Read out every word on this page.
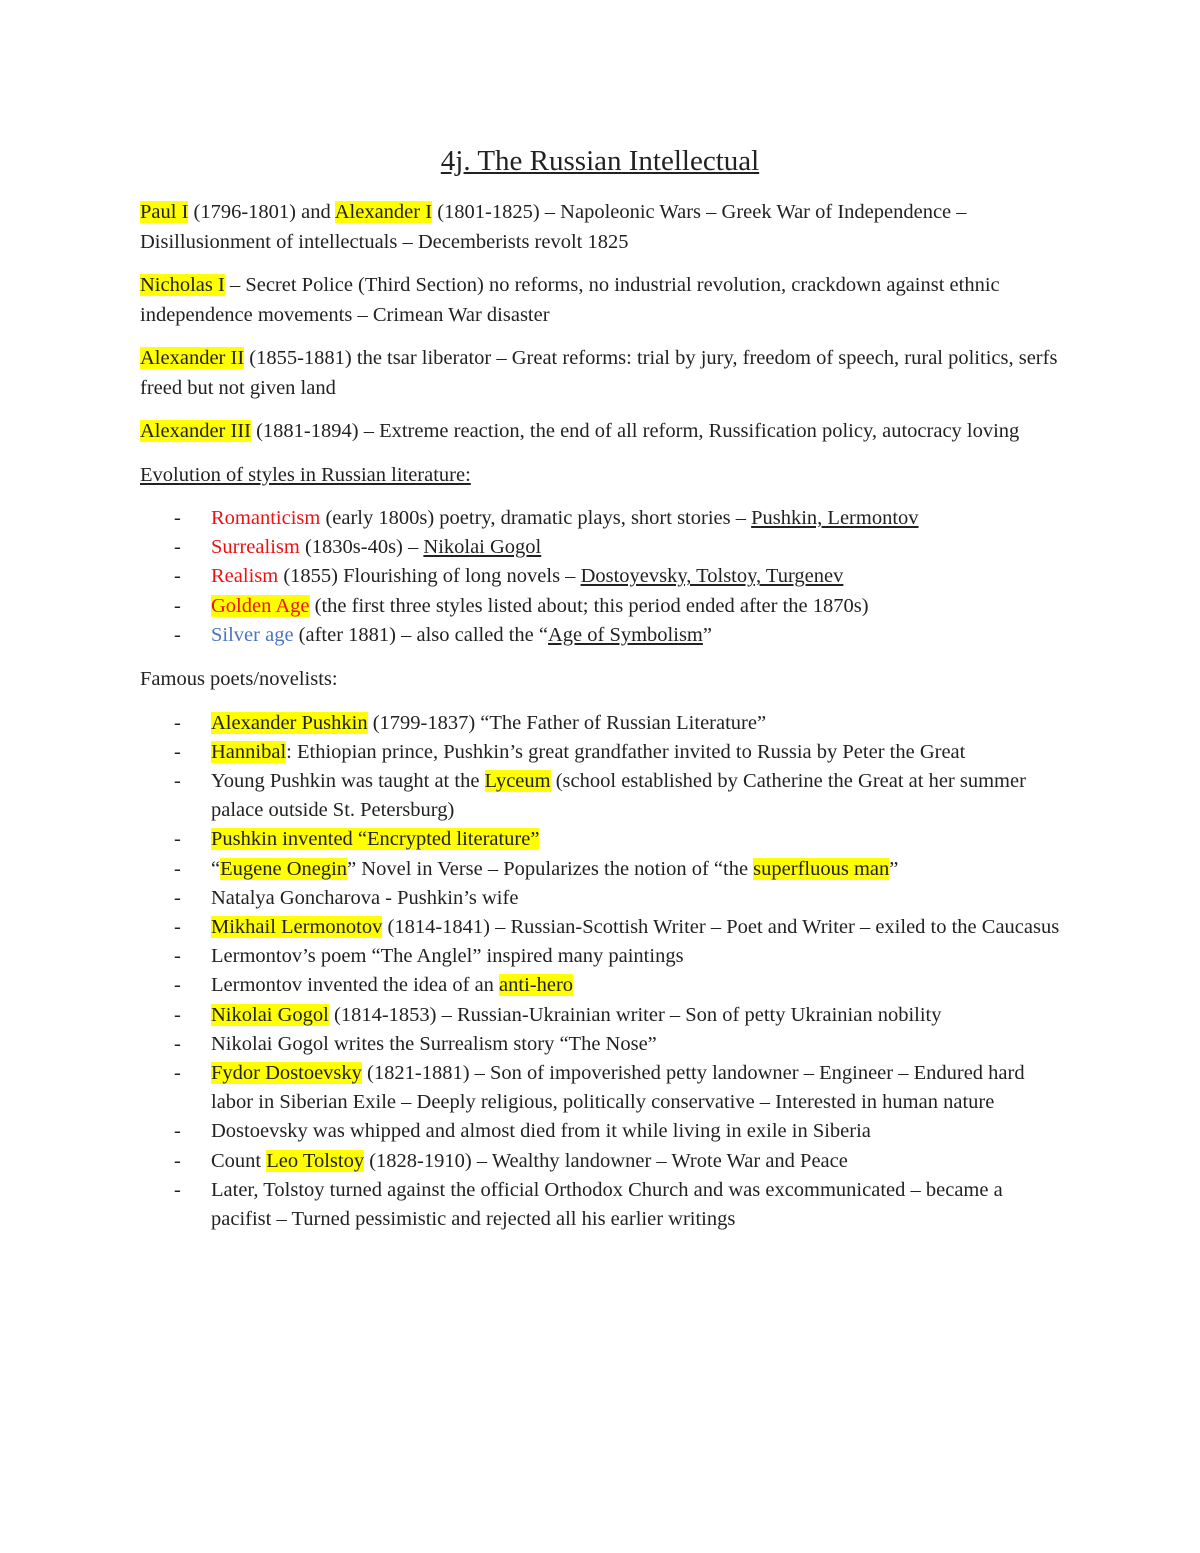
4j. The Russian Intellectual

Paul I (1796-1801) and Alexander I (1801-1825) – Napoleonic Wars – Greek War of Independence – Disillusionment of intellectuals – Decemberists revolt 1825

Nicholas I – Secret Police (Third Section) no reforms, no industrial revolution, crackdown against ethnic independence movements – Crimean War disaster

Alexander II (1855-1881) the tsar liberator – Great reforms: trial by jury, freedom of speech, rural politics, serfs freed but not given land

Alexander III (1881-1894) – Extreme reaction, the end of all reform, Russification policy, autocracy loving

Evolution of styles in Russian literature:

- Romanticism (early 1800s) poetry, dramatic plays, short stories – Pushkin, Lermontov
- Surrealism (1830s-40s) – Nikolai Gogol
- Realism (1855) Flourishing of long novels – Dostoyevsky, Tolstoy, Turgenev
- Golden Age (the first three styles listed about; this period ended after the 1870s)
- Silver age (after 1881) – also called the “Age of Symbolism”

Famous poets/novelists:

- Alexander Pushkin (1799-1837) “The Father of Russian Literature”
- Hannibal: Ethiopian prince, Pushkin’s great grandfather invited to Russia by Peter the Great
- Young Pushkin was taught at the Lyceum (school established by Catherine the Great at her summer palace outside St. Petersburg)
- Pushkin invented “Encrypted literature”
- “Eugene Onegin” Novel in Verse – Popularizes the notion of “the superfluous man”
- Natalya Goncharova - Pushkin’s wife
- Mikhail Lermonotov (1814-1841) – Russian-Scottish Writer – Poet and Writer – exiled to the Caucasus
- Lermontov’s poem “The Anglel” inspired many paintings
- Lermontov invented the idea of an anti-hero
- Nikolai Gogol (1814-1853) – Russian-Ukrainian writer – Son of petty Ukrainian nobility
- Nikolai Gogol writes the Surrealism story “The Nose”
- Fydor Dostoevsky (1821-1881) – Son of impoverished petty landowner – Engineer – Endured hard labor in Siberian Exile – Deeply religious, politically conservative – Interested in human nature
- Dostoevsky was whipped and almost died from it while living in exile in Siberia
- Count Leo Tolstoy (1828-1910) – Wealthy landowner – Wrote War and Peace
- Later, Tolstoy turned against the official Orthodox Church and was excommunicated – became a pacifist – Turned pessimistic and rejected all his earlier writings
